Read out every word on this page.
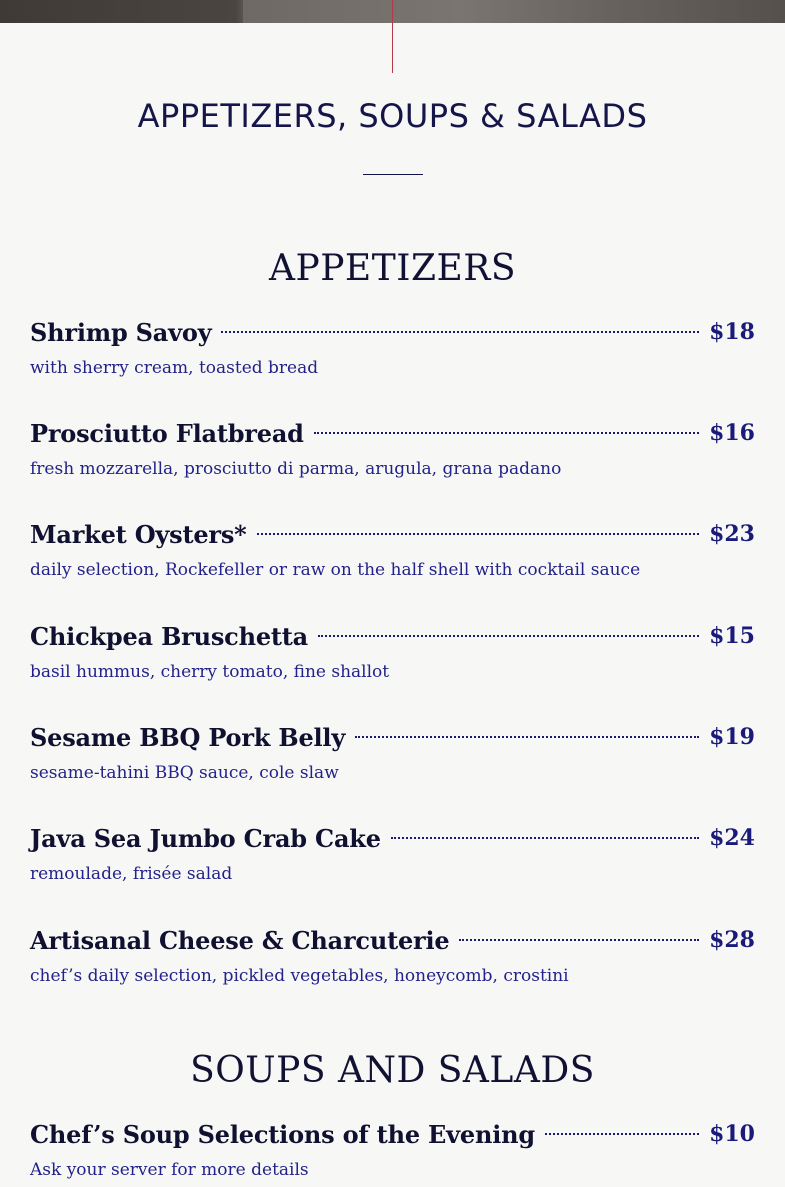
APPETIZERS, SOUPS & SALADS
APPETIZERS
Shrimp Savoy	$18
with sherry cream, toasted bread
Prosciutto Flatbread	$16
fresh mozzarella, prosciutto di parma, arugula, grana padano
Market Oysters*	$23
daily selection, Rockefeller or raw on the half shell with cocktail sauce
Chickpea Bruschetta	$15
basil hummus, cherry tomato, fine shallot
Sesame BBQ Pork Belly	$19
sesame-tahini BBQ sauce, cole slaw
Java Sea Jumbo Crab Cake	$24
remoulade, frisée salad
Artisanal Cheese & Charcuterie	$28
chef’s daily selection, pickled vegetables, honeycomb, crostini
SOUPS AND SALADS
Chef’s Soup Selections of the Evening	$10
Ask your server for more details
